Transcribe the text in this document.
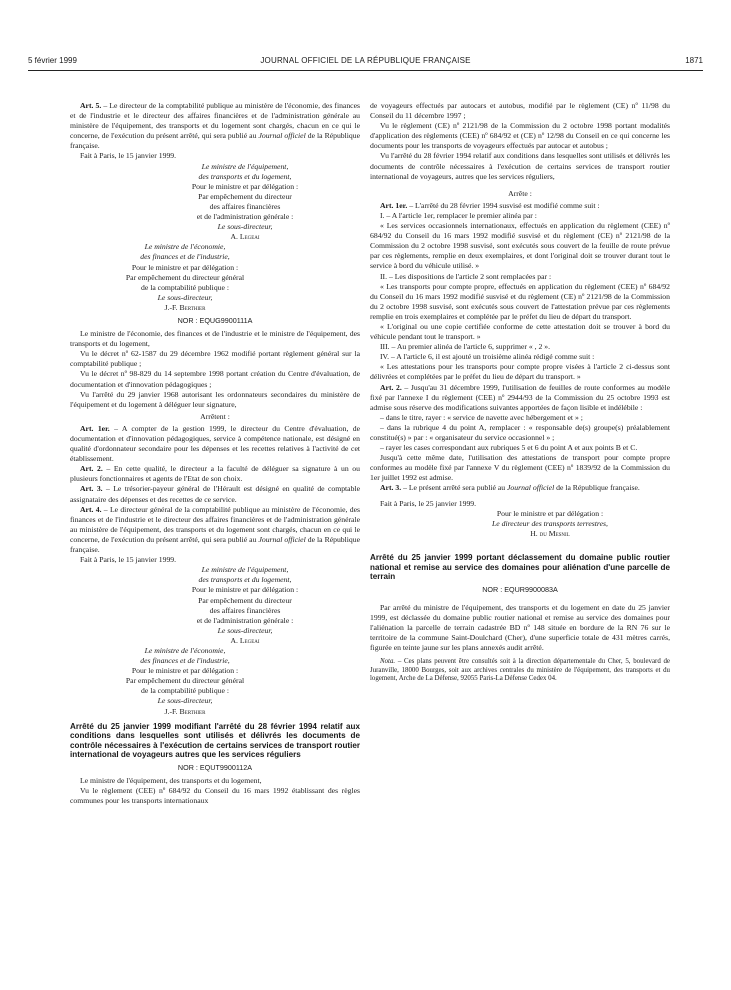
5 février 1999	JOURNAL OFFICIEL DE LA RÉPUBLIQUE FRANÇAISE	1871

Art. 5. – Le directeur de la comptabilité publique au ministère de l'économie, des finances et de l'industrie et le directeur des affaires financières et de l'administration générale au ministère de l'équipement, des transports et du logement sont chargés, chacun en ce qui le concerne, de l'exécution du présent arrêté, qui sera publié au Journal officiel de la République française.

Fait à Paris, le 15 janvier 1999.

Le ministre de l'équipement,
des transports et du logement,
Pour le ministre et par délégation :
Par empêchement du directeur
des affaires financières
et de l'administration générale :
Le sous-directeur,
A. Legeai
Le ministre de l'économie,
des finances et de l'industrie,
Pour le ministre et par délégation :
Par empêchement du directeur général
de la comptabilité publique :
Le sous-directeur,
J.-F. Berthier
NOR : EQUG9900111A

Le ministre de l'économie, des finances et de l'industrie et le ministre de l'équipement, des transports et du logement,

Vu le décret nº 62-1587 du 29 décembre 1962 modifié portant règlement général sur la comptabilité publique ;

Vu le décret nº 98-829 du 14 septembre 1998 portant création du Centre d'évaluation, de documentation et d'innovation pédagogiques ;

Vu l'arrêté du 29 janvier 1968 autorisant les ordonnateurs secondaires du ministère de l'équipement et du logement à déléguer leur signature,

Arrêtent :

Art. 1er. – A compter de la gestion 1999, le directeur du Centre d'évaluation, de documentation et d'innovation pédagogiques, service à compétence nationale, est désigné en qualité d'ordonnateur secondaire pour les dépenses et les recettes relatives à l'activité de cet établissement.

Art. 2. – En cette qualité, le directeur a la faculté de déléguer sa signature à un ou plusieurs fonctionnaires et agents de l'Etat de son choix.

Art. 3. – Le trésorier-payeur général de l'Hérault est désigné en qualité de comptable assignataire des dépenses et des recettes de ce service.

Art. 4. – Le directeur général de la comptabilité publique au ministère de l'économie, des finances et de l'industrie et le directeur des affaires financières et de l'administration générale au ministère de l'équipement, des transports et du logement sont chargés, chacun en ce qui le concerne, de l'exécution du présent arrêté, qui sera publié au Journal officiel de la République française.

Fait à Paris, le 15 janvier 1999.

Le ministre de l'équipement,
des transports et du logement,
Pour le ministre et par délégation :
Par empêchement du directeur
des affaires financières
et de l'administration générale :
Le sous-directeur,
A. Legeai
Le ministre de l'économie,
des finances et de l'industrie,
Pour le ministre et par délégation :
Par empêchement du directeur général
de la comptabilité publique :
Le sous-directeur,
J.-F. Berthier
Arrêté du 25 janvier 1999 modifiant l'arrêté du 28 février 1994 relatif aux conditions dans lesquelles sont utilisés et délivrés les documents de contrôle nécessaires à l'exécution de certains services de transport routier international de voyageurs autres que les services réguliers
NOR : EQUT9900112A

Le ministre de l'équipement, des transports et du logement,

Vu le règlement (CEE) nº 684/92 du Conseil du 16 mars 1992 établissant des règles communes pour les transports internationaux

de voyageurs effectués par autocars et autobus, modifié par le règlement (CE) nº 11/98 du Conseil du 11 décembre 1997 ;

Vu le règlement (CE) nº 2121/98 de la Commission du 2 octobre 1998 portant modalités d'application des règlements (CEE) nº 684/92 et (CE) nº 12/98 du Conseil en ce qui concerne les documents pour les transports de voyageurs effectués par autocar et autobus ;

Vu l'arrêté du 28 février 1994 relatif aux conditions dans lesquelles sont utilisés et délivrés les documents de contrôle nécessaires à l'exécution de certains services de transport routier international de voyageurs, autres que les services réguliers,

Arrête :

Art. 1er. – L'arrêté du 28 février 1994 susvisé est modifié comme suit :

I. – A l'article 1er, remplacer le premier alinéa par :

« Les services occasionnels internationaux, effectués en application du règlement (CEE) nº 684/92 du Conseil du 16 mars 1992 modifié susvisé et du règlement (CE) nº 2121/98 de la Commission du 2 octobre 1998 susvisé, sont exécutés sous couvert de la feuille de route prévue par ces règlements, remplie en deux exemplaires, et dont l'original doit se trouver durant tout le service à bord du véhicule utilisé. »

II. – Les dispositions de l'article 2 sont remplacées par :

« Les transports pour compte propre, effectués en application du règlement (CEE) nº 684/92 du Conseil du 16 mars 1992 modifié susvisé et du règlement (CE) nº 2121/98 de la Commission du 2 octobre 1998 susvisé, sont exécutés sous couvert de l'attestation prévue par ces règlements remplie en trois exemplaires et complétée par le préfet du lieu de départ du transport.

« L'original ou une copie certifiée conforme de cette attestation doit se trouver à bord du véhicule pendant tout le transport. »

III. – Au premier alinéa de l'article 6, supprimer « , 2 ».

IV. – A l'article 6, il est ajouté un troisième alinéa rédigé comme suit :

« Les attestations pour les transports pour compte propre visées à l'article 2 ci-dessus sont délivrées et complétées par le préfet du lieu de départ du transport. »

Art. 2. – Jusqu'au 31 décembre 1999, l'utilisation de feuilles de route conformes au modèle fixé par l'annexe I du règlement (CEE) nº 2944/93 de la Commission du 25 octobre 1993 est admise sous réserve des modifications suivantes apportées de façon lisible et indélébile :

– dans le titre, rayer : « service de navette avec hébergement et » ;

– dans la rubrique 4 du point A, remplacer : « responsable de(s) groupe(s) préalablement constitué(s) » par : « organisateur du service occasionnel » ;

– rayer les cases correspondant aux rubriques 5 et 6 du point A et aux points B et C.

Jusqu'à cette même date, l'utilisation des attestations de transport pour compte propre conformes au modèle fixé par l'annexe V du règlement (CEE) nº 1839/92 de la Commission du 1er juillet 1992 est admise.

Art. 3. – Le présent arrêté sera publié au Journal officiel de la République française.

Fait à Paris, le 25 janvier 1999.

Pour le ministre et par délégation :
Le directeur des transports terrestres,
H. du Mesnil
Arrêté du 25 janvier 1999 portant déclassement du domaine public routier national et remise au service des domaines pour aliénation d'une parcelle de terrain
NOR : EQUR9900083A

Par arrêté du ministre de l'équipement, des transports et du logement en date du 25 janvier 1999, est déclassée du domaine public routier national et remise au service des domaines pour l'aliénation la parcelle de terrain cadastrée BD nº 148 située en bordure de la RN 76 sur le territoire de la commune Saint-Doulchard (Cher), d'une superficie totale de 431 mètres carrés, figurée en teinte jaune sur les plans annexés audit arrêté.

Nota. – Ces plans peuvent être consultés soit à la direction départementale du Cher, 5, boulevard de Juranville, 18000 Bourges, soit aux archives centrales du ministère de l'équipement, des transports et du logement, Arche de La Défense, 92055 Paris-La Défense Cedex 04.
